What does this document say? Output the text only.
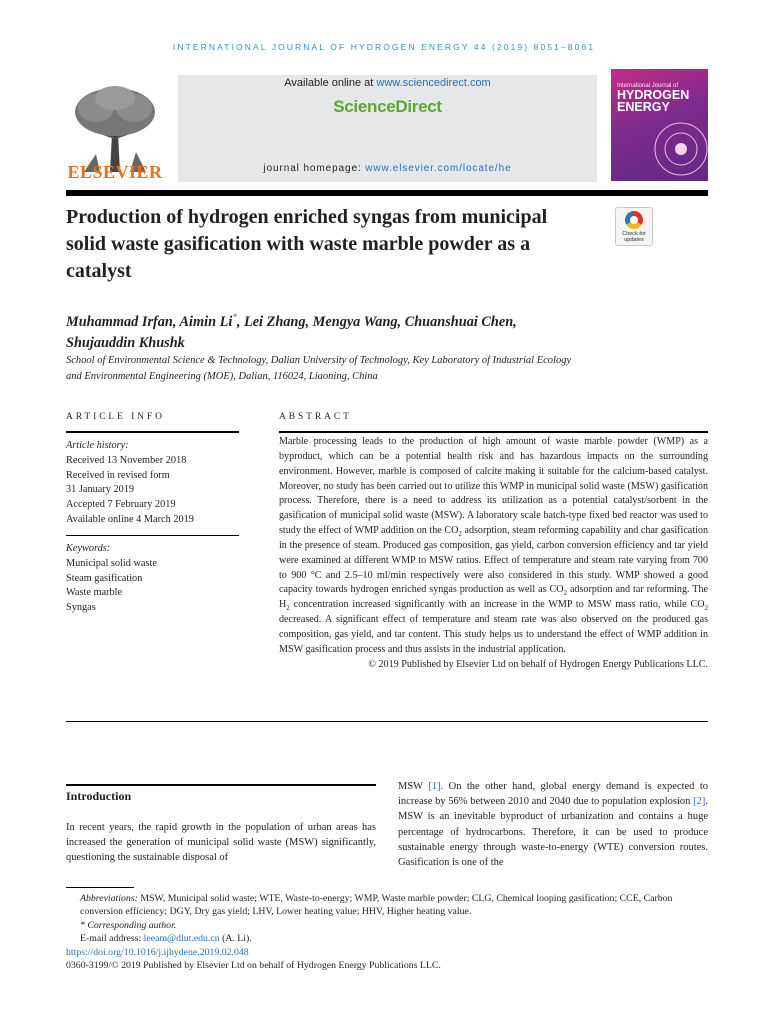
INTERNATIONAL JOURNAL OF HYDROGEN ENERGY 44 (2019) 8051–8061
ELSEVIER
Available online at www.sciencedirect.com
ScienceDirect
journal homepage: www.elsevier.com/locate/he
International Journal of
HYDROGEN
ENERGY
Production of hydrogen enriched syngas from municipal solid waste gasification with waste marble powder as a catalyst
Check for
updates
Muhammad Irfan, Aimin Li*, Lei Zhang, Mengya Wang, Chuanshuai Chen,
Shujauddin Khushk
School of Environmental Science & Technology, Dalian University of Technology, Key Laboratory of Industrial Ecology
and Environmental Engineering (MOE), Dalian, 116024, Liaoning, China
ARTICLE INFO	ABSTRACT
Article history:
Received 13 November 2018
Received in revised form
31 January 2019
Accepted 7 February 2019
Available online 4 March 2019
Keywords:
Municipal solid waste
Steam gasification
Waste marble
Syngas
Marble processing leads to the production of high amount of waste marble powder (WMP) as a byproduct, which can be a potential health risk and has hazardous impacts on the surrounding environment. However, marble is composed of calcite making it suitable for the calcium-based catalyst. Moreover, no study has been carried out to utilize this WMP in municipal solid waste (MSW) gasification process. Therefore, there is a need to address its utilization as a potential catalyst/sorbent in the gasification of municipal solid waste (MSW). A laboratory scale batch-type fixed bed reactor was used to study the effect of WMP addition on the $CO_2$ adsorption, steam reforming capability and char gasification in the presence of steam. Produced gas composition, gas yield, carbon conversion efficiency and tar yield were examined at different WMP to MSW ratios. Effect of temperature and steam rate varying from 700 to 900 °C and 2.5–10 ml/min respectively were also considered in this study. WMP showed a good capacity towards hydrogen enriched syngas production as well as $CO_2$ adsorption and tar reforming. The $H_2$ concentration increased significantly with an increase in the WMP to MSW mass ratio, while $CO_2$ decreased. A significant effect of temperature and steam rate was also observed on the produced gas composition, gas yield, and tar content. This study helps us to understand the effect of WMP addition in MSW gasification process and thus assists in the industrial application.
© 2019 Published by Elsevier Ltd on behalf of Hydrogen Energy Publications LLC.
Introduction
In recent years, the rapid growth in the population of urban areas has increased the generation of municipal solid waste (MSW) significantly, questioning the sustainable disposal of
MSW [1]. On the other hand, global energy demand is expected to increase by 56% between 2010 and 2040 due to population explosion [2]. MSW is an inevitable byproduct of urbanization and contains a huge percentage of hydrocarbons. Therefore, it can be used to produce sustainable energy through waste-to-energy (WTE) conversion routes. Gasification is one of the
Abbreviations: MSW, Municipal solid waste; WTE, Waste-to-energy; WMP, Waste marble powder; CLG, Chemical looping gasification; CCE, Carbon conversion efficiency; DGY, Dry gas yield; LHV, Lower heating value; HHV, Higher heating value.
* Corresponding author.
E-mail address: leeam@dlut.edu.cn (A. Li).
https://doi.org/10.1016/j.ijhydene.2019.02.048
0360-3199/© 2019 Published by Elsevier Ltd on behalf of Hydrogen Energy Publications LLC.
